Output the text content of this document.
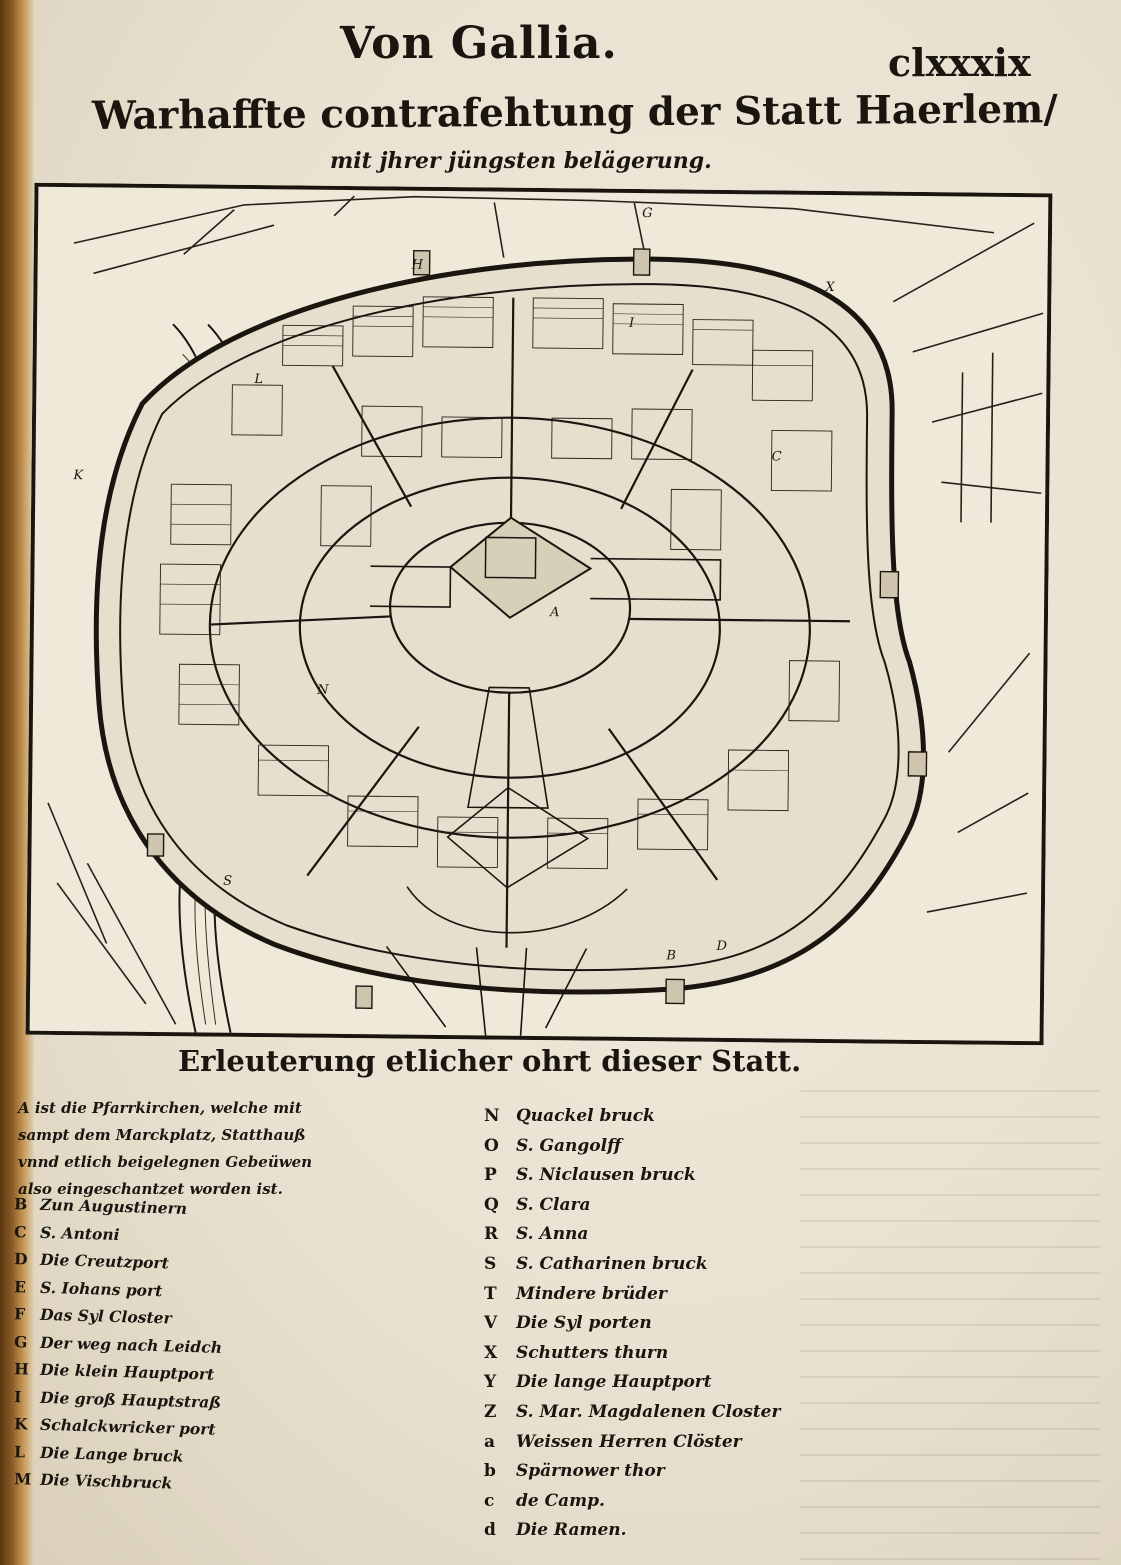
Von Gallia.	clxxxix
Warhaffte contrafehtung der Statt Haerlem/
mit jhrer jüngsten belägerung.
A
B
C
D
G
H
I
K
L
N
S
X
Erleuterung etlicher ohrt dieser Statt.
A ist die Pfarrkirchen, welche mit sampt dem Marckplatz, Statthauß vnnd etlich beigelegnen Gebeüwen also eingeschantzet worden ist.
B Zun Augustinern
C S. Antoni
D Die Creutzport
E S. Iohans port
F Das Syl Closter
G Der weg nach Leidch
H Die klein Hauptport
I Die groß Hauptstraß
K Schalckwricker port
L Die Lange bruck
M Die Vischbruck
N Quackel bruck
O S. Gangolff
P S. Niclausen bruck
Q S. Clara
R S. Anna
S S. Catharinen bruck
T Mindere brüder
V Die Syl porten
X Schutters thurn
Y Die lange Hauptport
Z S. Mar. Magdalenen Closter
a Weissen Herren Clöster
b Spärnower thor
c de Camp.
d Die Ramen.
